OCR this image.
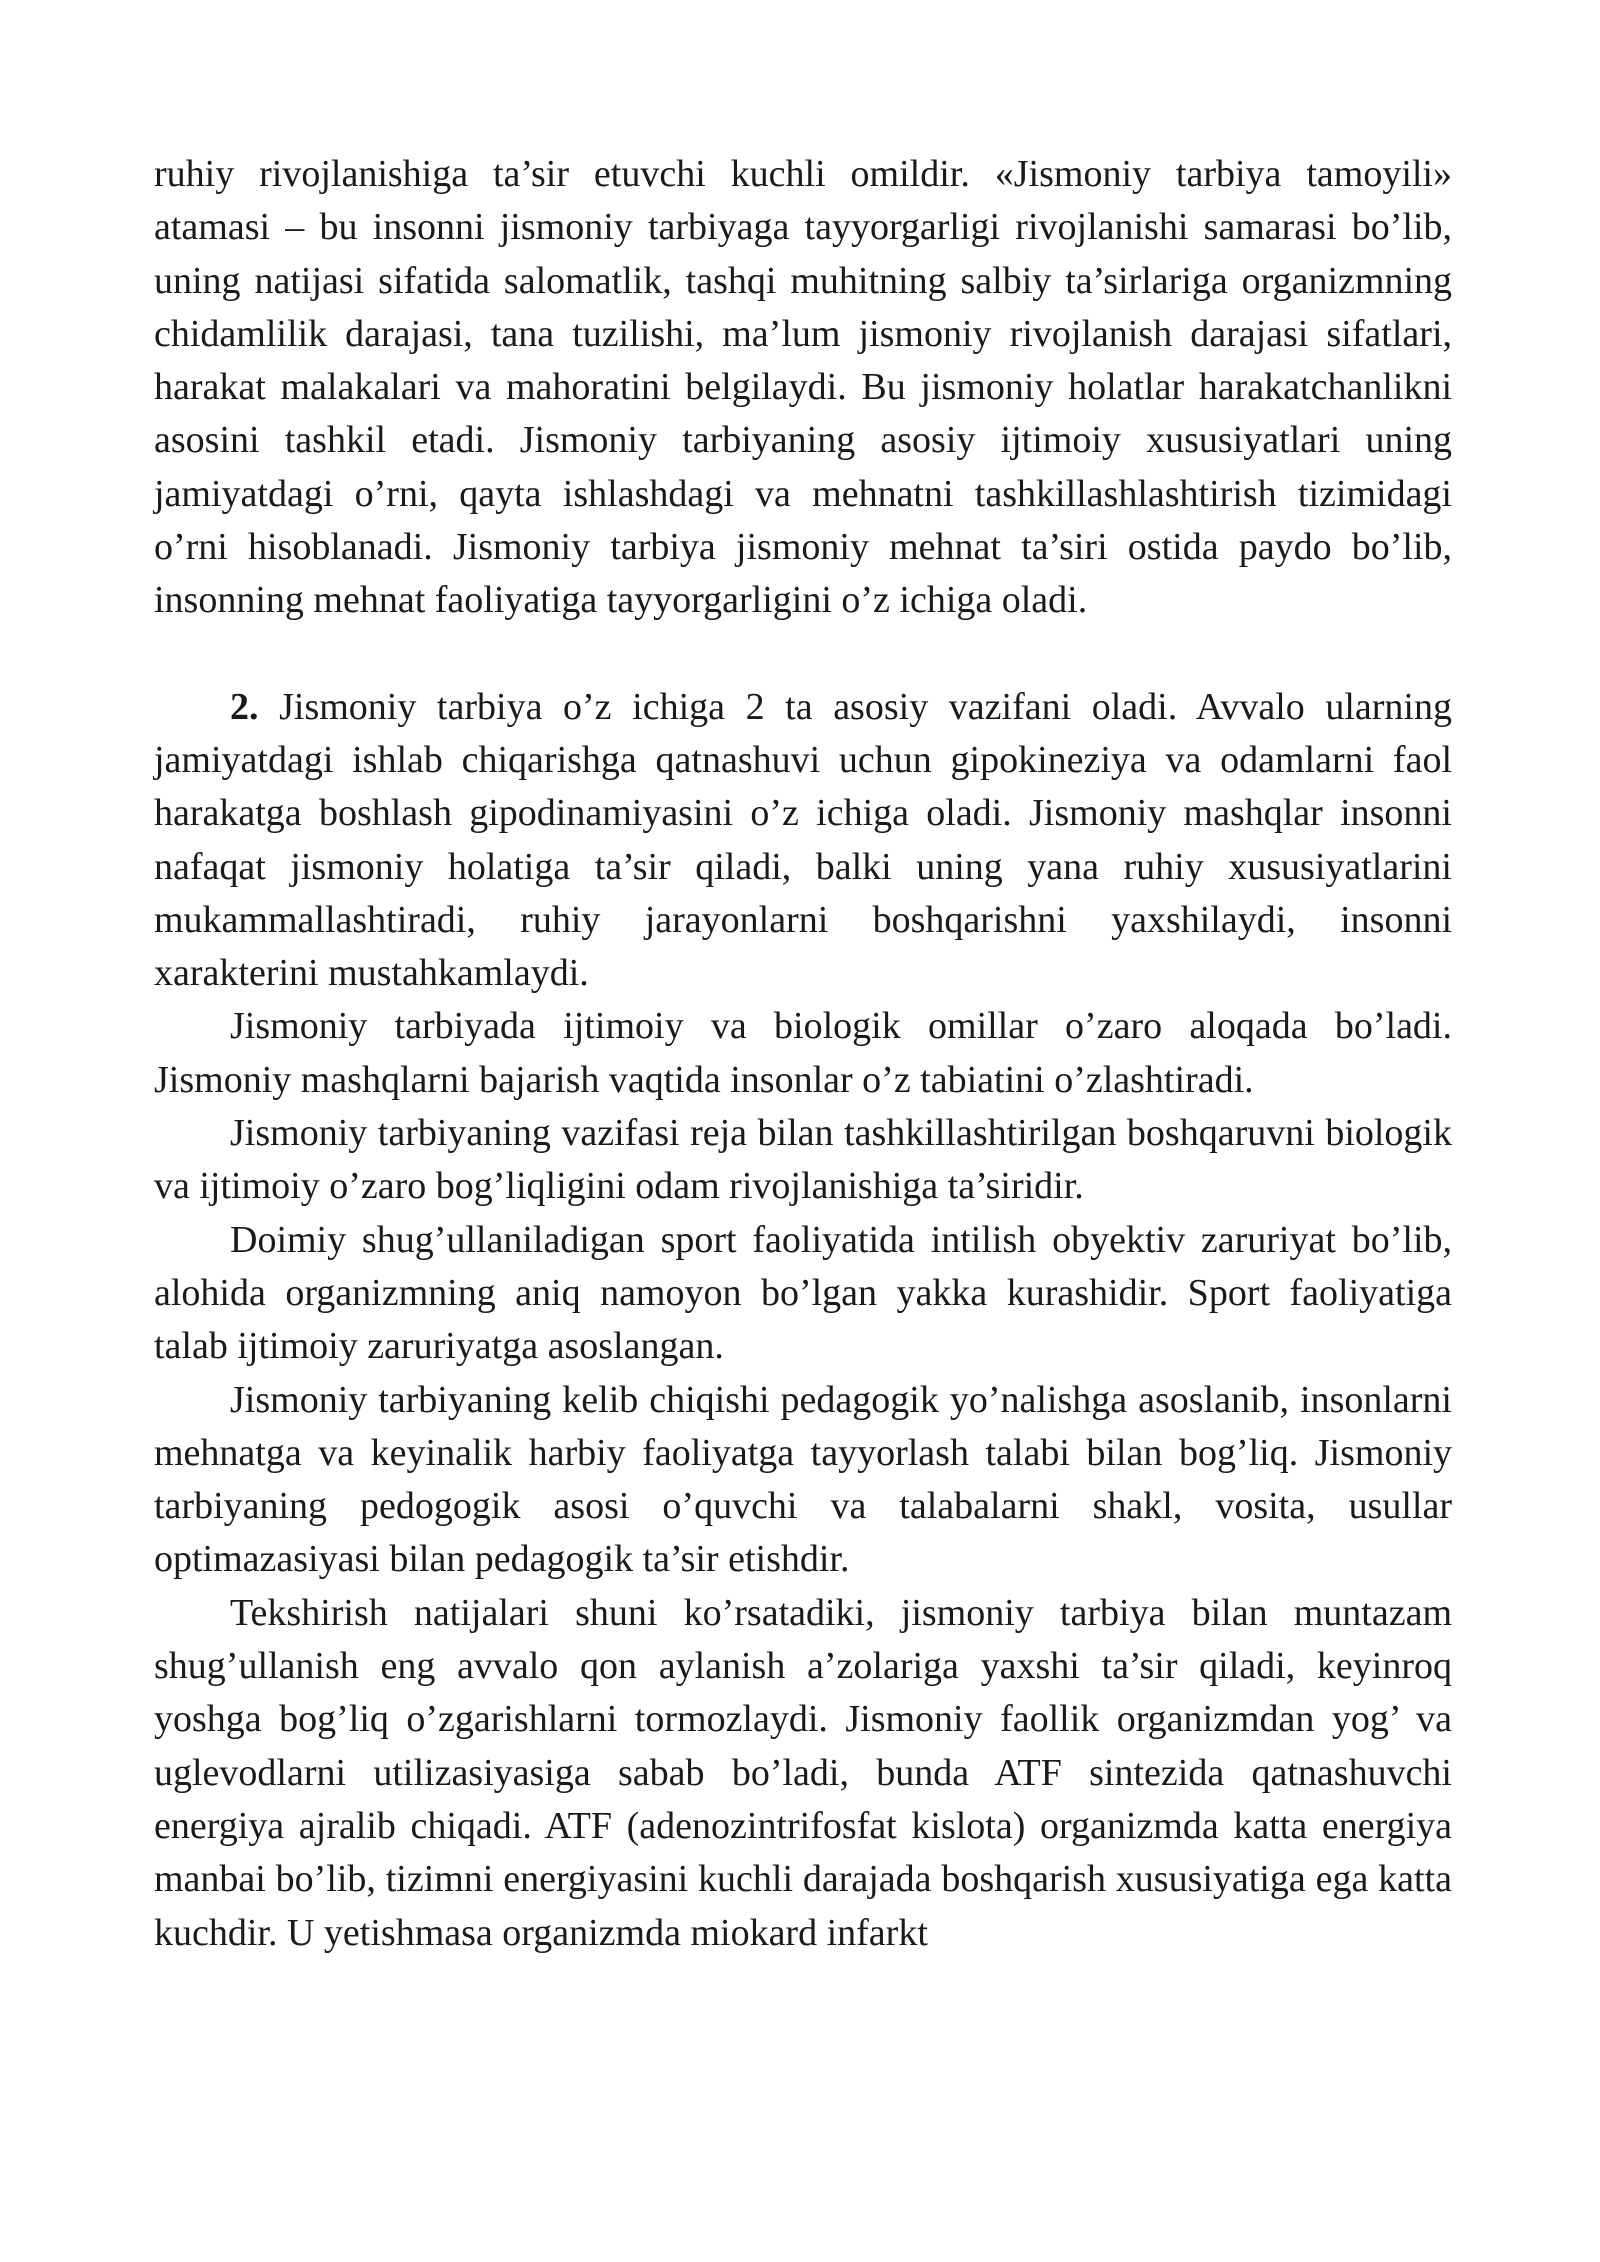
ruhiy rivojlanishiga ta’sir etuvchi kuchli omildir. «Jismoniy tarbiya tamoyili» atamasi – bu insonni jismoniy tarbiyaga tayyorgarligi rivojlanishi samarasi bo’lib, uning natijasi sifatida salomatlik, tashqi muhitning salbiy ta’sirlariga organizmning chidamlilik darajasi, tana tuzilishi, ma’lum jismoniy rivojlanish darajasi sifatlari, harakat malakalari va mahoratini belgilaydi. Bu jismoniy holatlar harakatchanlikni asosini tashkil etadi. Jismoniy tarbiyaning asosiy ijtimoiy xususiyatlari uning jamiyatdagi o’rni, qayta ishlashdagi va mehnatni tashkillashlashtirish tizimidagi o’rni hisoblanadi. Jismoniy tarbiya jismoniy mehnat ta’siri ostida paydo bo’lib, insonning mehnat faoliyatiga tayyorgarligini o’z ichiga oladi.

2. Jismoniy tarbiya o’z ichiga 2 ta asosiy vazifani oladi. Avvalo ularning jamiyatdagi ishlab chiqarishga qatnashuvi uchun gipokineziya va odamlarni faol harakatga boshlash gipodinamiyasini o’z ichiga oladi. Jismoniy mashqlar insonni nafaqat jismoniy holatiga ta’sir qiladi, balki uning yana ruhiy xususiyatlarini mukammallashtiradi, ruhiy jarayonlarni boshqarishni yaxshilaydi, insonni xarakterini mustahkamlaydi.

Jismoniy tarbiyada ijtimoiy va biologik omillar o’zaro aloqada bo’ladi. Jismoniy mashqlarni bajarish vaqtida insonlar o’z tabiatini o’zlashtiradi.

Jismoniy tarbiyaning vazifasi reja bilan tashkillashtirilgan boshqaruvni biologik va ijtimoiy o’zaro bog’liqligini odam rivojlanishiga ta’siridir.

Doimiy shug’ullaniladigan sport faoliyatida intilish obyektiv zaruriyat bo’lib, alohida organizmning aniq namoyon bo’lgan yakka kurashidir. Sport faoliyatiga talab ijtimoiy zaruriyatga asoslangan.

Jismoniy tarbiyaning kelib chiqishi pedagogik yo’nalishga asoslanib, insonlarni mehnatga va keyinalik harbiy faoliyatga tayyorlash talabi bilan bog’liq. Jismoniy tarbiyaning pedogogik asosi o’quvchi va talabalarni shakl, vosita, usullar optimazasiyasi bilan pedagogik ta’sir etishdir.

Tekshirish natijalari shuni ko’rsatadiki, jismoniy tarbiya bilan muntazam shug’ullanish eng avvalo qon aylanish a’zolariga yaxshi ta’sir qiladi, keyinroq yoshga bog’liq o’zgarishlarni tormozlaydi. Jismoniy faollik organizmdan yog’ va uglevodlarni utilizasiyasiga sabab bo’ladi, bunda ATF sintezida qatnashuvchi energiya ajralib chiqadi. ATF (adenozintrifosfat kislota) organizmda katta energiya manbai bo’lib, tizimni energiyasini kuchli darajada boshqarish xususiyatiga ega katta kuchdir. U yetishmasa organizmda miokard infarkt
